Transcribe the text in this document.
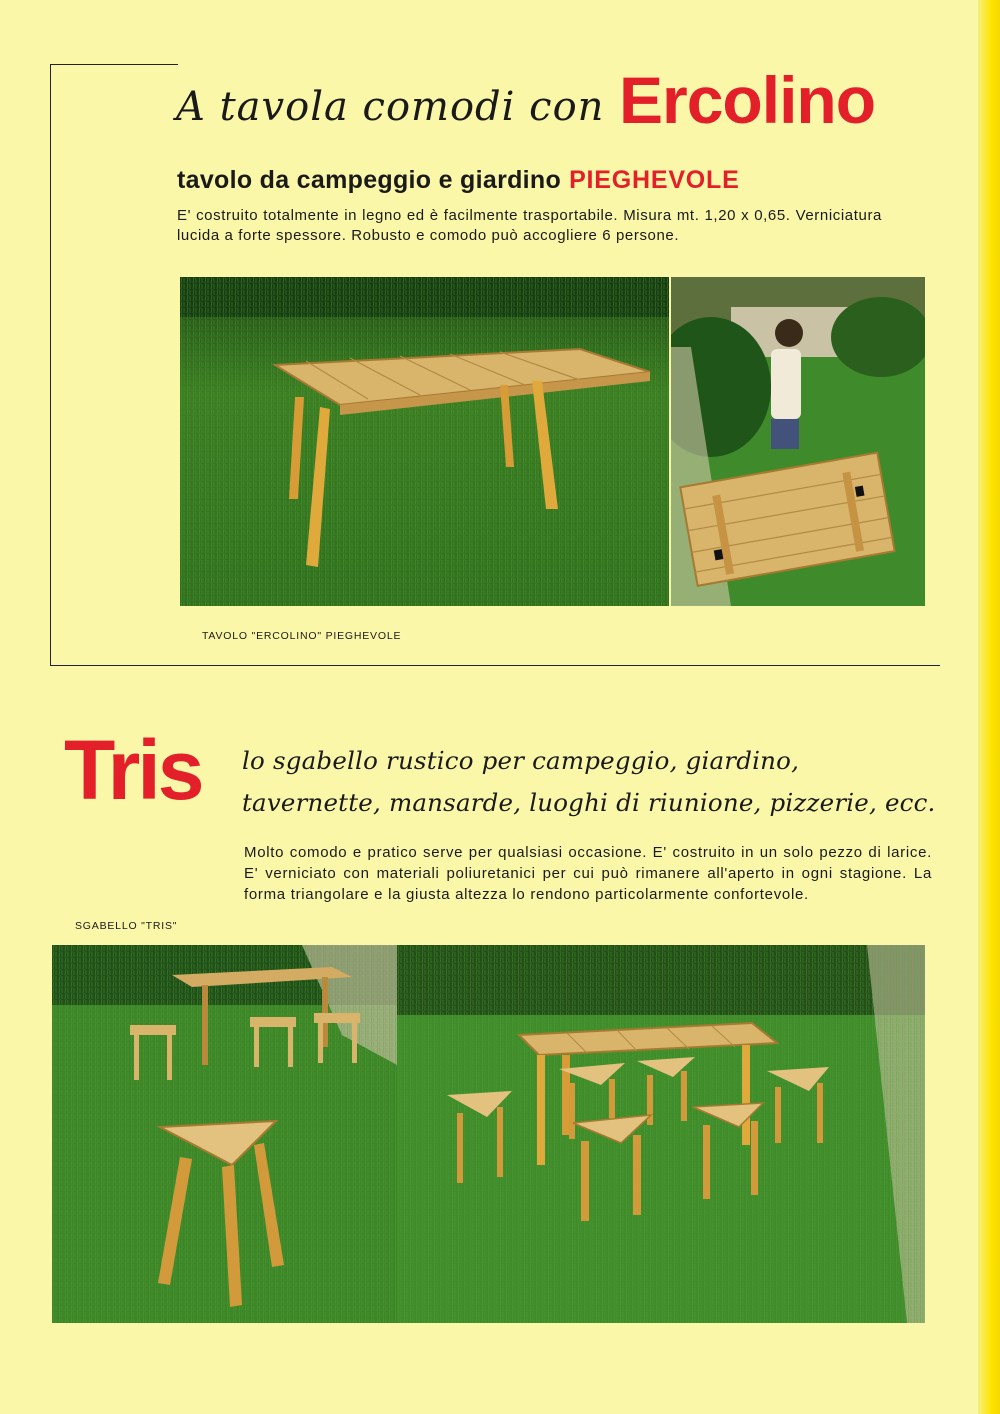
A tavola comodi con Ercolino
tavolo da campeggio e giardino PIEGHEVOLE
E' costruito totalmente in legno ed è facilmente trasportabile. Misura mt. 1,20 x 0,65. Verniciatura lucida a forte spessore. Robusto e comodo può accogliere 6 persone.
TAVOLO "ERCOLINO" PIEGHEVOLE
Tris lo sgabello rustico per campeggio, giardino, tavernette, mansarde, luoghi di riunione, pizzerie, ecc.
Molto comodo e pratico serve per qualsiasi occasione. E' costruito in un solo pezzo di larice. E' verniciato con materiali poliuretanici per cui può rimanere all'aperto in ogni stagione. La forma triangolare e la giusta altezza lo rendono particolarmente confortevole.
SGABELLO "TRIS"
